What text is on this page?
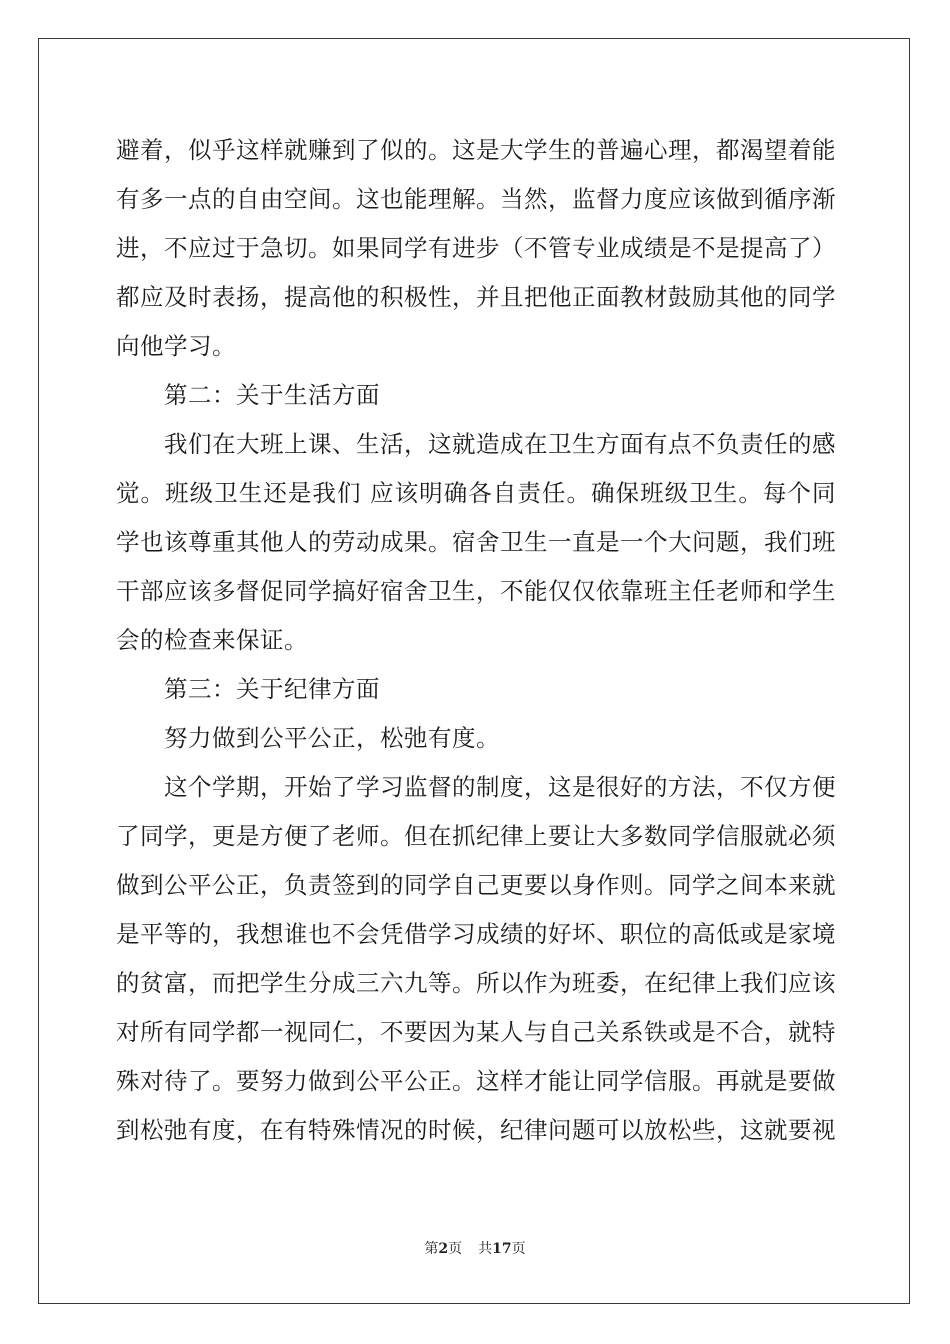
避着，似乎这样就赚到了似的。这是大学生的普遍心理，都渴望着能
有多一点的自由空间。这也能理解。当然，监督力度应该做到循序渐
进，不应过于急切。如果同学有进步（不管专业成绩是不是提高了）
都应及时表扬，提高他的积极性，并且把他正面教材鼓励其他的同学
向他学习。
第二：关于生活方面
我们在大班上课、生活，这就造成在卫生方面有点不负责任的感
觉。班级卫生还是我们 应该明确各自责任。确保班级卫生。每个同
学也该尊重其他人的劳动成果。宿舍卫生一直是一个大问题，我们班
干部应该多督促同学搞好宿舍卫生，不能仅仅依靠班主任老师和学生
会的检查来保证。
第三：关于纪律方面
努力做到公平公正，松弛有度。
这个学期，开始了学习监督的制度，这是很好的方法，不仅方便
了同学，更是方便了老师。但在抓纪律上要让大多数同学信服就必须
做到公平公正，负责签到的同学自己更要以身作则。同学之间本来就
是平等的，我想谁也不会凭借学习成绩的好坏、职位的高低或是家境
的贫富，而把学生分成三六九等。所以作为班委，在纪律上我们应该
对所有同学都一视同仁，不要因为某人与自己关系铁或是不合，就特
殊对待了。要努力做到公平公正。这样才能让同学信服。再就是要做
到松弛有度，在有特殊情况的时候，纪律问题可以放松些，这就要视
第2页 共17页
